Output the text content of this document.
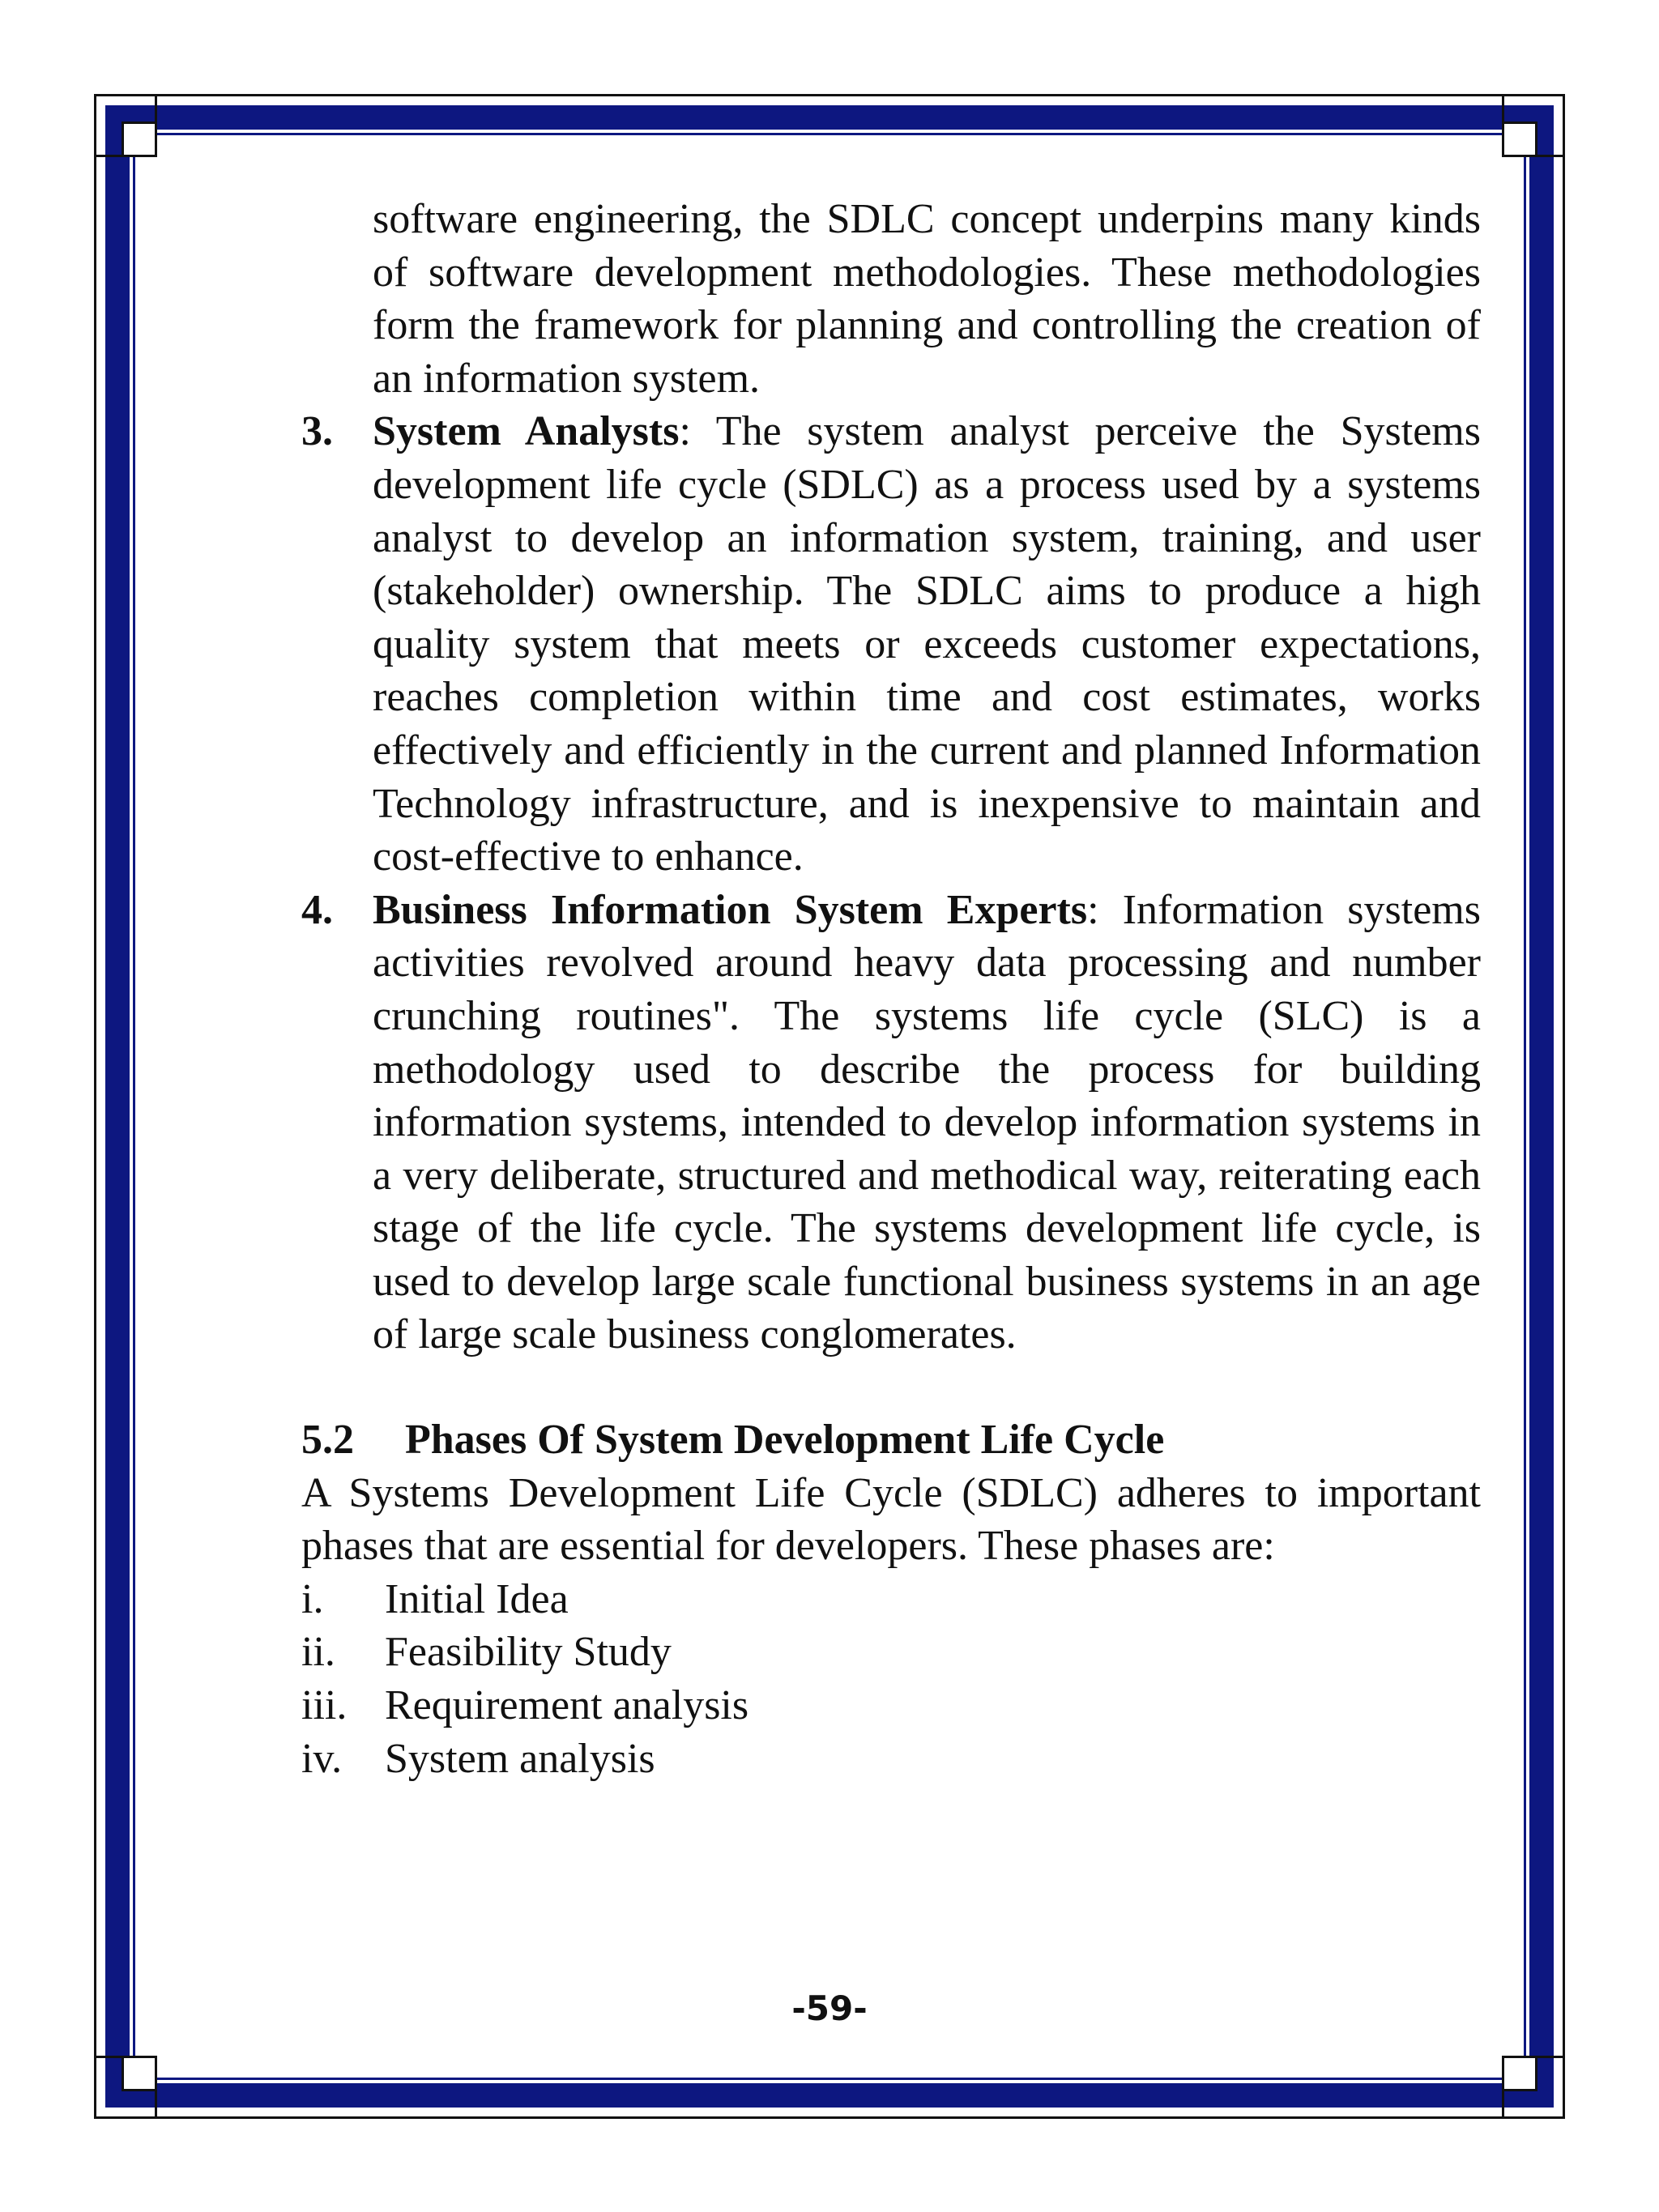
software engineering, the SDLC concept underpins many kinds of software development methodologies. These methodologies form the framework for planning and controlling the creation of an information system.
3. System Analysts: The system analyst perceive the Systems development life cycle (SDLC) as a process used by a systems analyst to develop an information system, training, and user (stakeholder) ownership. The SDLC aims to produce a high quality system that meets or exceeds customer expectations, reaches completion within time and cost estimates, works effectively and efficiently in the current and planned Information Technology infrastructure, and is inexpensive to maintain and cost-effective to enhance.
4. Business Information System Experts: Information systems activities revolved around heavy data processing and number crunching routines". The systems life cycle (SLC) is a methodology used to describe the process for building information systems, intended to develop information systems in a very deliberate, structured and methodical way, reiterating each stage of the life cycle. The systems development life cycle, is used to develop large scale functional business systems in an age of large scale business conglomerates.
5.2 Phases Of System Development Life Cycle
A Systems Development Life Cycle (SDLC) adheres to important phases that are essential for developers. These phases are:
i. Initial Idea
ii. Feasibility Study
iii. Requirement analysis
iv. System analysis
-59-
